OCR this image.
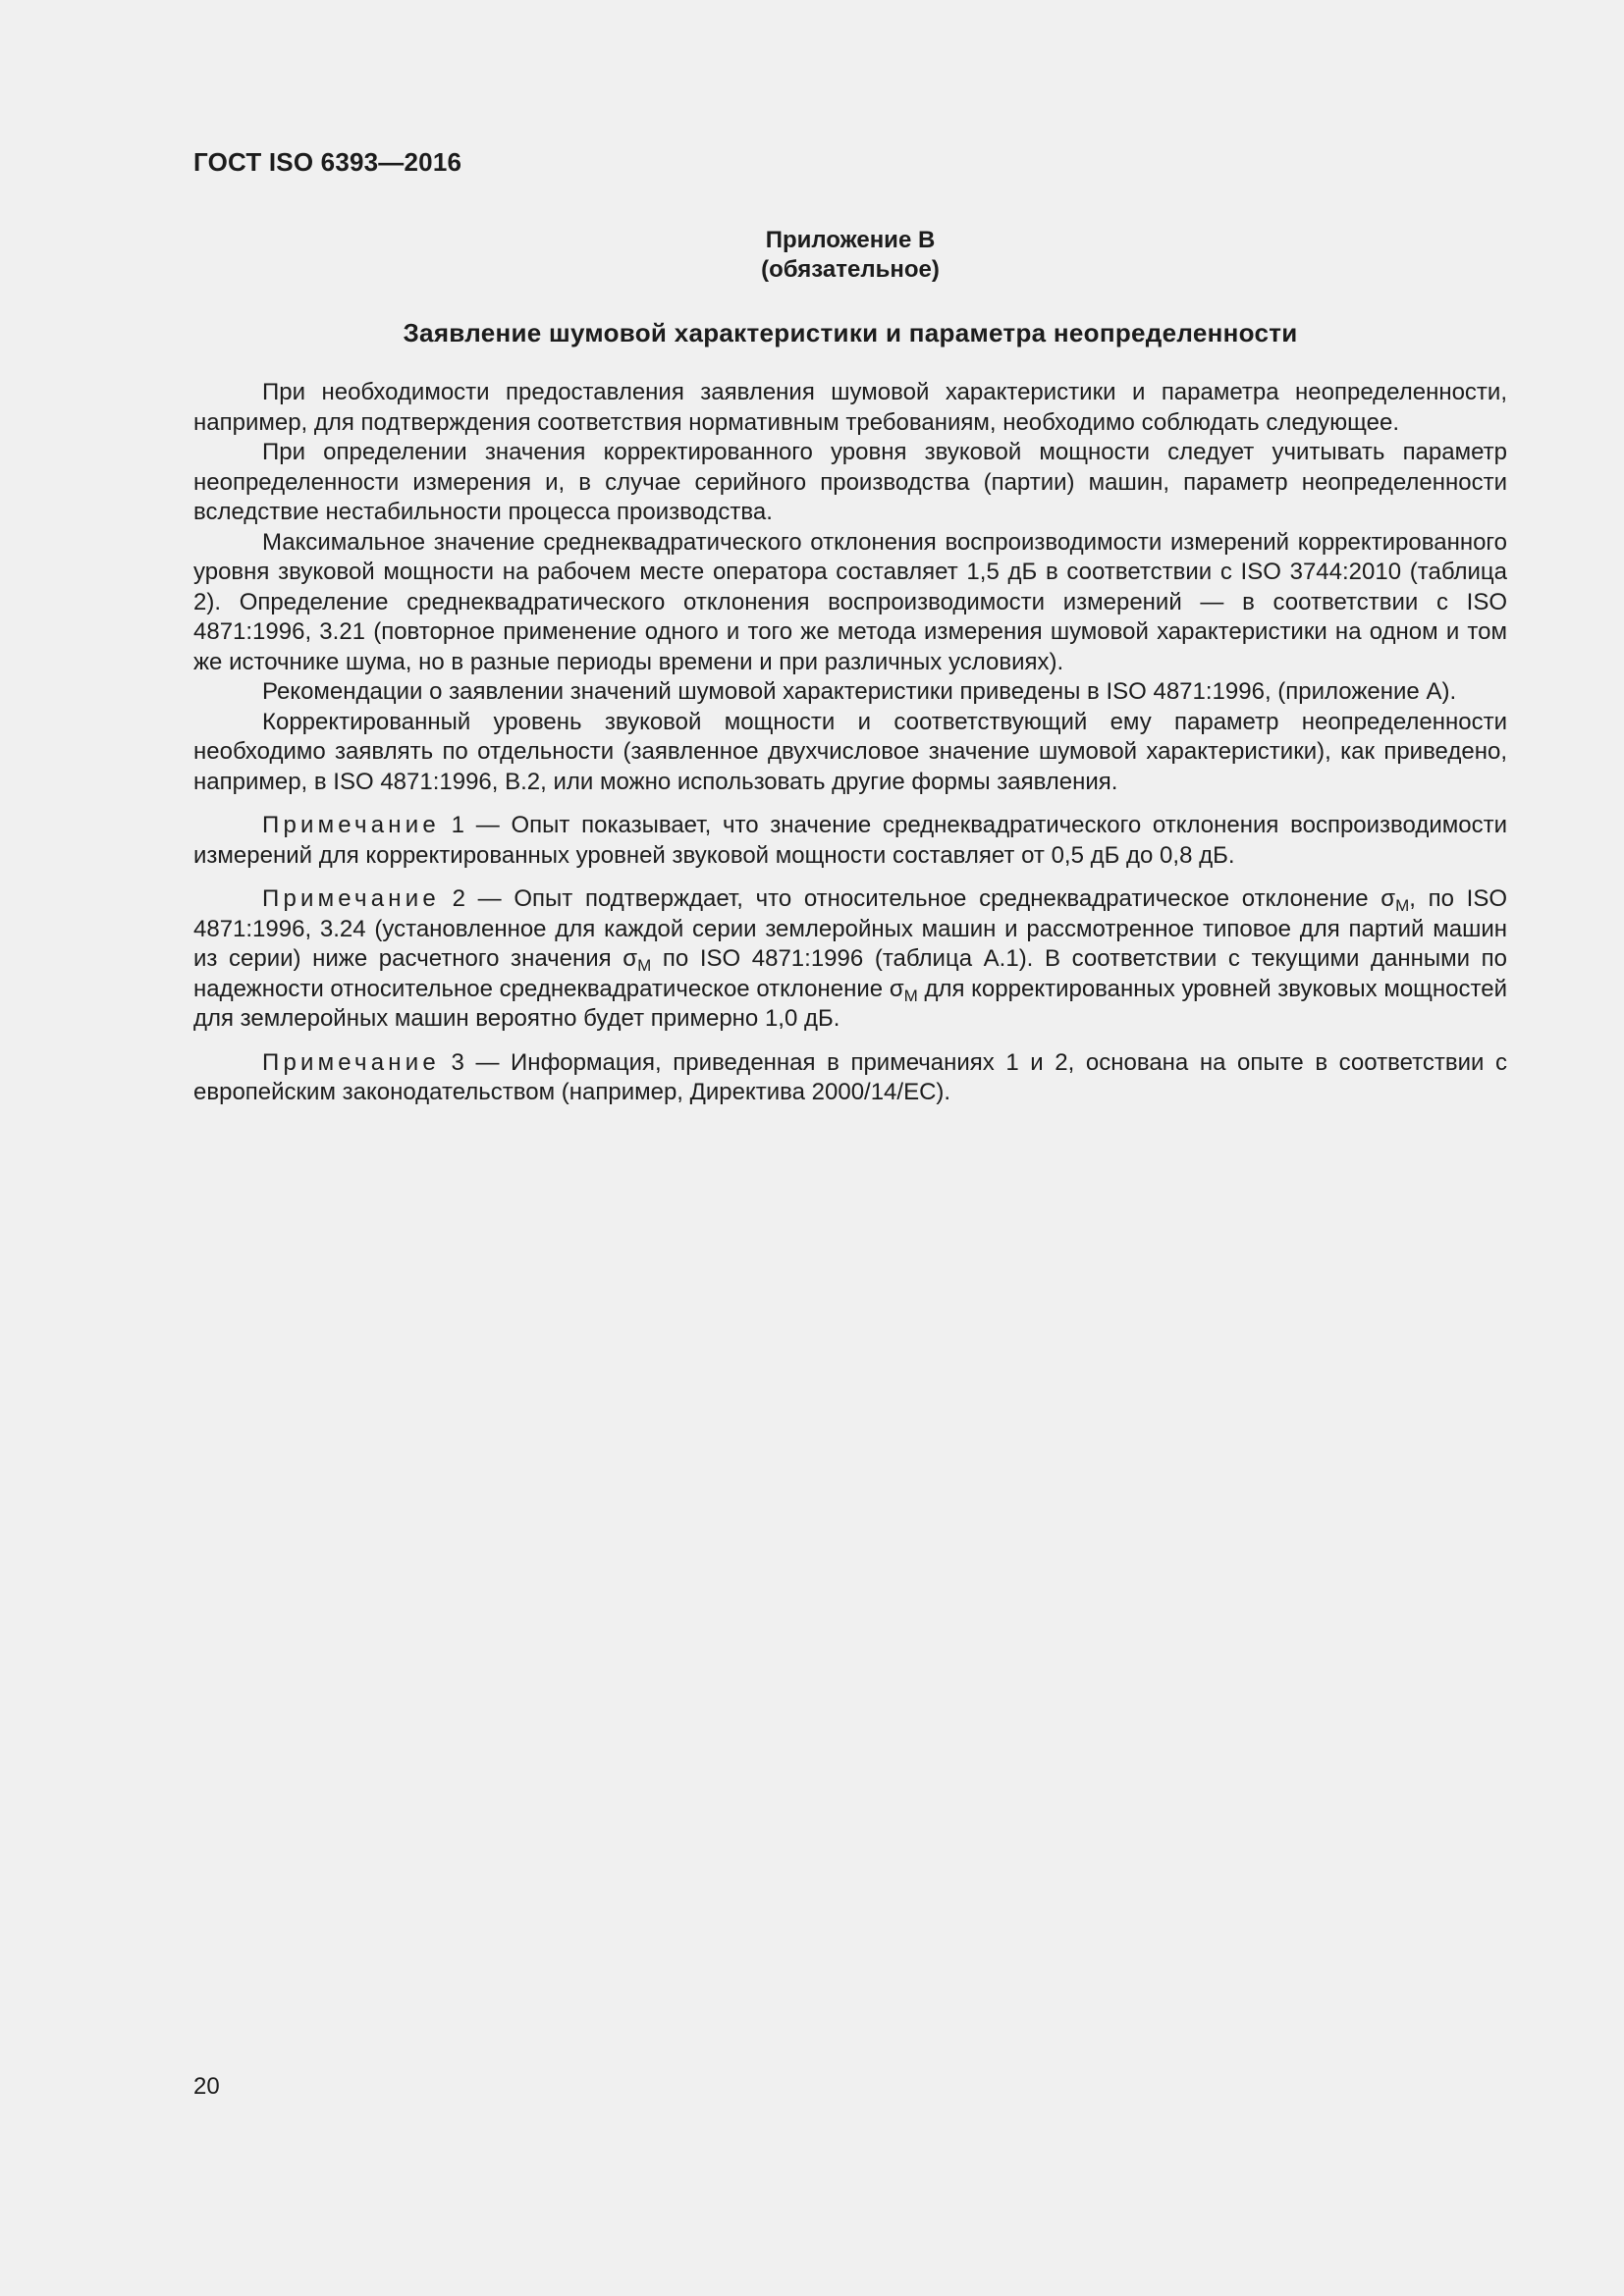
ГОСТ ISO 6393—2016
Приложение В
(обязательное)
Заявление шумовой характеристики и параметра неопределенности

При необходимости предоставления заявления шумовой характеристики и параметра неопределенности, например, для подтверждения соответствия нормативным требованиям, необходимо соблюдать следующее.

При определении значения корректированного уровня звуковой мощности следует учитывать параметр неопределенности измерения и, в случае серийного производства (партии) машин, параметр неопределенности вследствие нестабильности процесса производства.

Максимальное значение среднеквадратического отклонения воспроизводимости измерений корректированного уровня звуковой мощности на рабочем месте оператора составляет 1,5 дБ в соответствии с ISO 3744:2010 (таблица 2). Определение среднеквадратического отклонения воспроизводимости измерений — в соответствии с ISO 4871:1996, 3.21 (повторное применение одного и того же метода измерения шумовой характеристики на одном и том же источнике шума, но в разные периоды времени и при различных условиях).

Рекомендации о заявлении значений шумовой характеристики приведены в ISO 4871:1996, (приложение А).

Корректированный уровень звуковой мощности и соответствующий ему параметр неопределенности необходимо заявлять по отдельности (заявленное двухчисловое значение шумовой характеристики), как приведено, например, в ISO 4871:1996, В.2, или можно использовать другие формы заявления.

Примечание 1 — Опыт показывает, что значение среднеквадратического отклонения воспроизводимости измерений для корректированных уровней звуковой мощности составляет от 0,5 дБ до 0,8 дБ.

Примечание 2 — Опыт подтверждает, что относительное среднеквадратическое отклонение $\sigma_M$, по ISO 4871:1996, 3.24 (установленное для каждой серии землеройных машин и рассмотренное типовое для партий машин из серии) ниже расчетного значения $\sigma_M$ по ISO 4871:1996 (таблица А.1). В соответствии с текущими данными по надежности относительное среднеквадратическое отклонение $\sigma_M$ для корректированных уровней звуковых мощностей для землеройных машин вероятно будет примерно 1,0 дБ.

Примечание 3 — Информация, приведенная в примечаниях 1 и 2, основана на опыте в соответствии с европейским законодательством (например, Директива 2000/14/ЕС).

20
